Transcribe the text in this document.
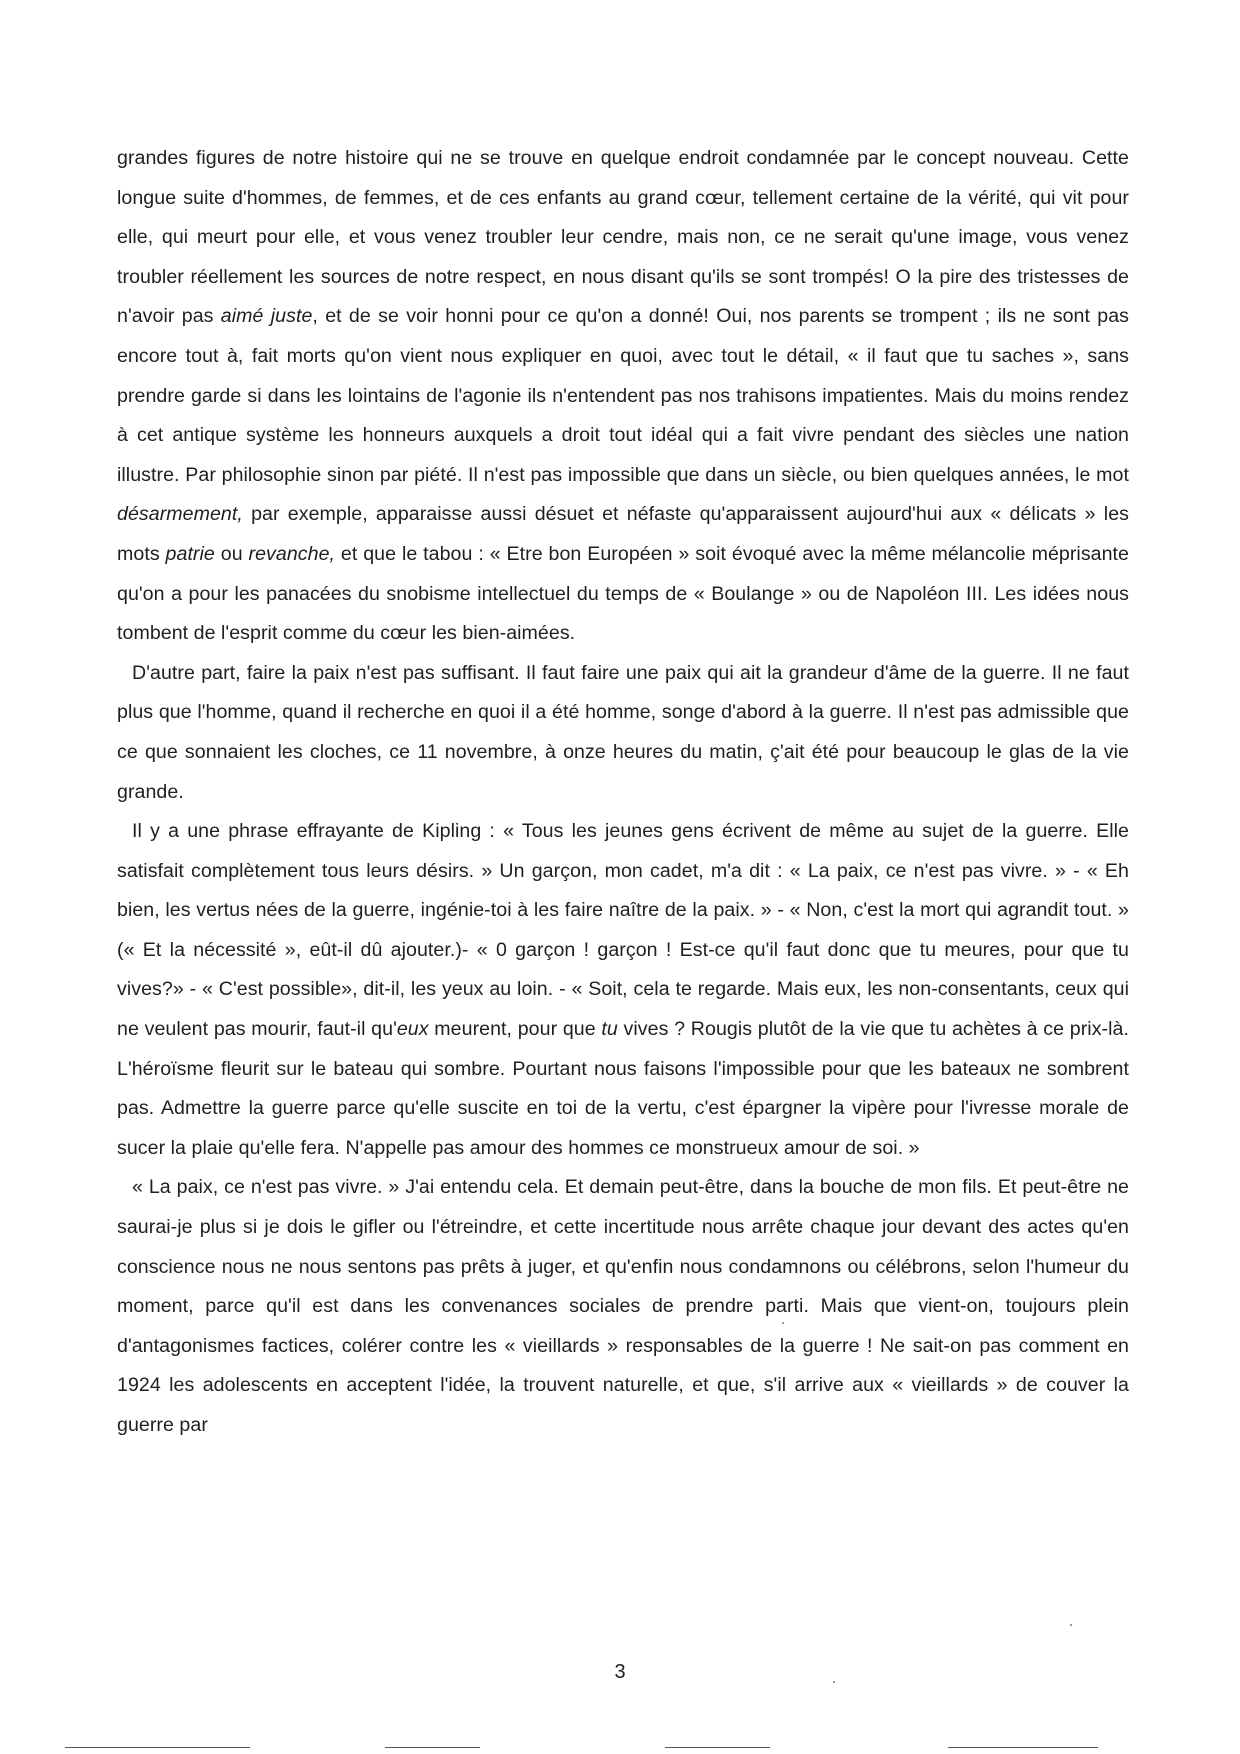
grandes figures de notre histoire qui ne se trouve en quelque endroit condamnée par le concept nouveau. Cette longue suite d'hommes, de femmes, et de ces enfants au grand cœur, tellement certaine de la vérité, qui vit pour elle, qui meurt pour elle, et vous venez troubler leur cendre, mais non, ce ne serait qu'une image, vous venez troubler réellement les sources de notre respect, en nous disant qu'ils se sont trompés! O la pire des tristesses de n'avoir pas aimé juste, et de se voir honni pour ce qu'on a donné! Oui, nos parents se trompent ; ils ne sont pas encore tout à, fait morts qu'on vient nous expliquer en quoi, avec tout le détail, « il faut que tu saches », sans prendre garde si dans les lointains de l'agonie ils n'entendent pas nos trahisons impatientes. Mais du moins rendez à cet antique système les honneurs auxquels a droit tout idéal qui a fait vivre pendant des siècles une nation illustre. Par philosophie sinon par piété. Il n'est pas impossible que dans un siècle, ou bien quelques années, le mot désarmement, par exemple, apparaisse aussi désuet et néfaste qu'apparaissent aujourd'hui aux « délicats » les mots patrie ou revanche, et que le tabou : « Etre bon Européen » soit évoqué avec la même mélancolie méprisante qu'on a pour les panacées du snobisme intellectuel du temps de « Boulange » ou de Napoléon III. Les idées nous tombent de l'esprit comme du cœur les bien-aimées.

D'autre part, faire la paix n'est pas suffisant. Il faut faire une paix qui ait la grandeur d'âme de la guerre. Il ne faut plus que l'homme, quand il recherche en quoi il a été homme, songe d'abord à la guerre. Il n'est pas admissible que ce que sonnaient les cloches, ce 11 novembre, à onze heures du matin, ç'ait été pour beaucoup le glas de la vie grande.

Il y a une phrase effrayante de Kipling : « Tous les jeunes gens écrivent de même au sujet de la guerre. Elle satisfait complètement tous leurs désirs. » Un garçon, mon cadet, m'a dit : « La paix, ce n'est pas vivre. » - « Eh bien, les vertus nées de la guerre, ingénie-toi à les faire naître de la paix. » - « Non, c'est la mort qui agrandit tout. » (« Et la nécessité », eût-il dû ajouter.)- « 0 garçon ! garçon ! Est-ce qu'il faut donc que tu meures, pour que tu vives?» - « C'est possible», dit-il, les yeux au loin. - « Soit, cela te regarde. Mais eux, les non-consentants, ceux qui ne veulent pas mourir, faut-il qu'eux meurent, pour que tu vives ? Rougis plutôt de la vie que tu achètes à ce prix-là. L'héroïsme fleurit sur le bateau qui sombre. Pourtant nous faisons l'impossible pour que les bateaux ne sombrent pas. Admettre la guerre parce qu'elle suscite en toi de la vertu, c'est épargner la vipère pour l'ivresse morale de sucer la plaie qu'elle fera. N'appelle pas amour des hommes ce monstrueux amour de soi. »

« La paix, ce n'est pas vivre. » J'ai entendu cela. Et demain peut-être, dans la bouche de mon fils. Et peut-être ne saurai-je plus si je dois le gifler ou l'étreindre, et cette incertitude nous arrête chaque jour devant des actes qu'en conscience nous ne nous sentons pas prêts à juger, et qu'enfin nous condamnons ou célébrons, selon l'humeur du moment, parce qu'il est dans les convenances sociales de prendre parti. Mais que vient-on, toujours plein d'antagonismes factices, colérer contre les « vieillards » responsables de la guerre ! Ne sait-on pas comment en 1924 les adolescents en acceptent l'idée, la trouvent naturelle, et que, s'il arrive aux « vieillards » de couver la guerre par

3
